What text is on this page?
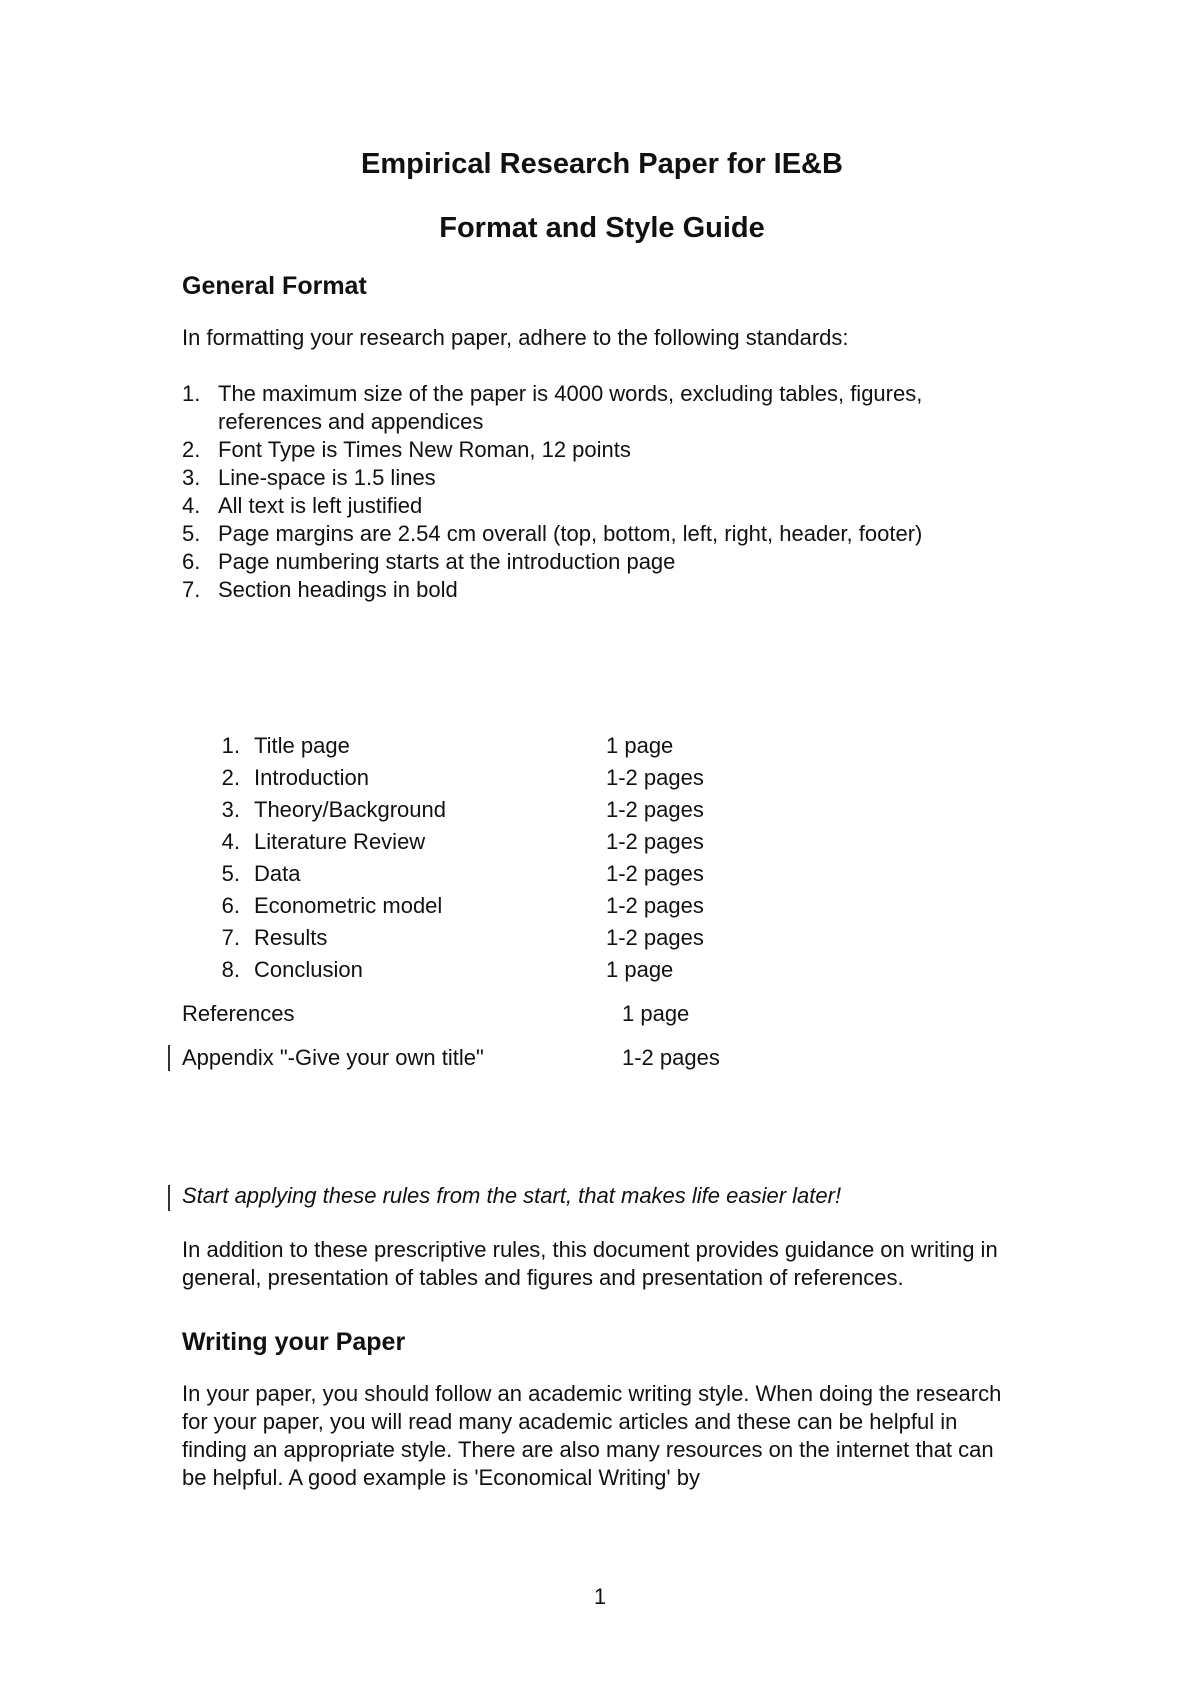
Empirical Research Paper for IE&B
Format and Style Guide
General Format

In formatting your research paper, adhere to the following standards:

1. The maximum size of the paper is 4000 words, excluding tables, figures, references and appendices
2. Font Type is Times New Roman, 12 points
3. Line-space is 1.5 lines
4. All text is left justified
5. Page margins are 2.54 cm overall (top, bottom, left, right, header, footer)
6. Page numbering starts at the introduction page
7. Section headings in bold
1. Title page	1 page
2. Introduction	1-2 pages
3. Theory/Background	1-2 pages
4. Literature Review	1-2 pages
5. Data	1-2 pages
6. Econometric model	1-2 pages
7. Results	1-2 pages
8. Conclusion	1 page
References	1 page
Appendix "-Give your own title"	1-2 pages

Start applying these rules from the start, that makes life easier later!

In addition to these prescriptive rules, this document provides guidance on writing in general, presentation of tables and figures and presentation of references.

Writing your Paper

In your paper, you should follow an academic writing style. When doing the research for your paper, you will read many academic articles and these can be helpful in finding an appropriate style. There are also many resources on the internet that can be helpful. A good example is 'Economical Writing' by

1
